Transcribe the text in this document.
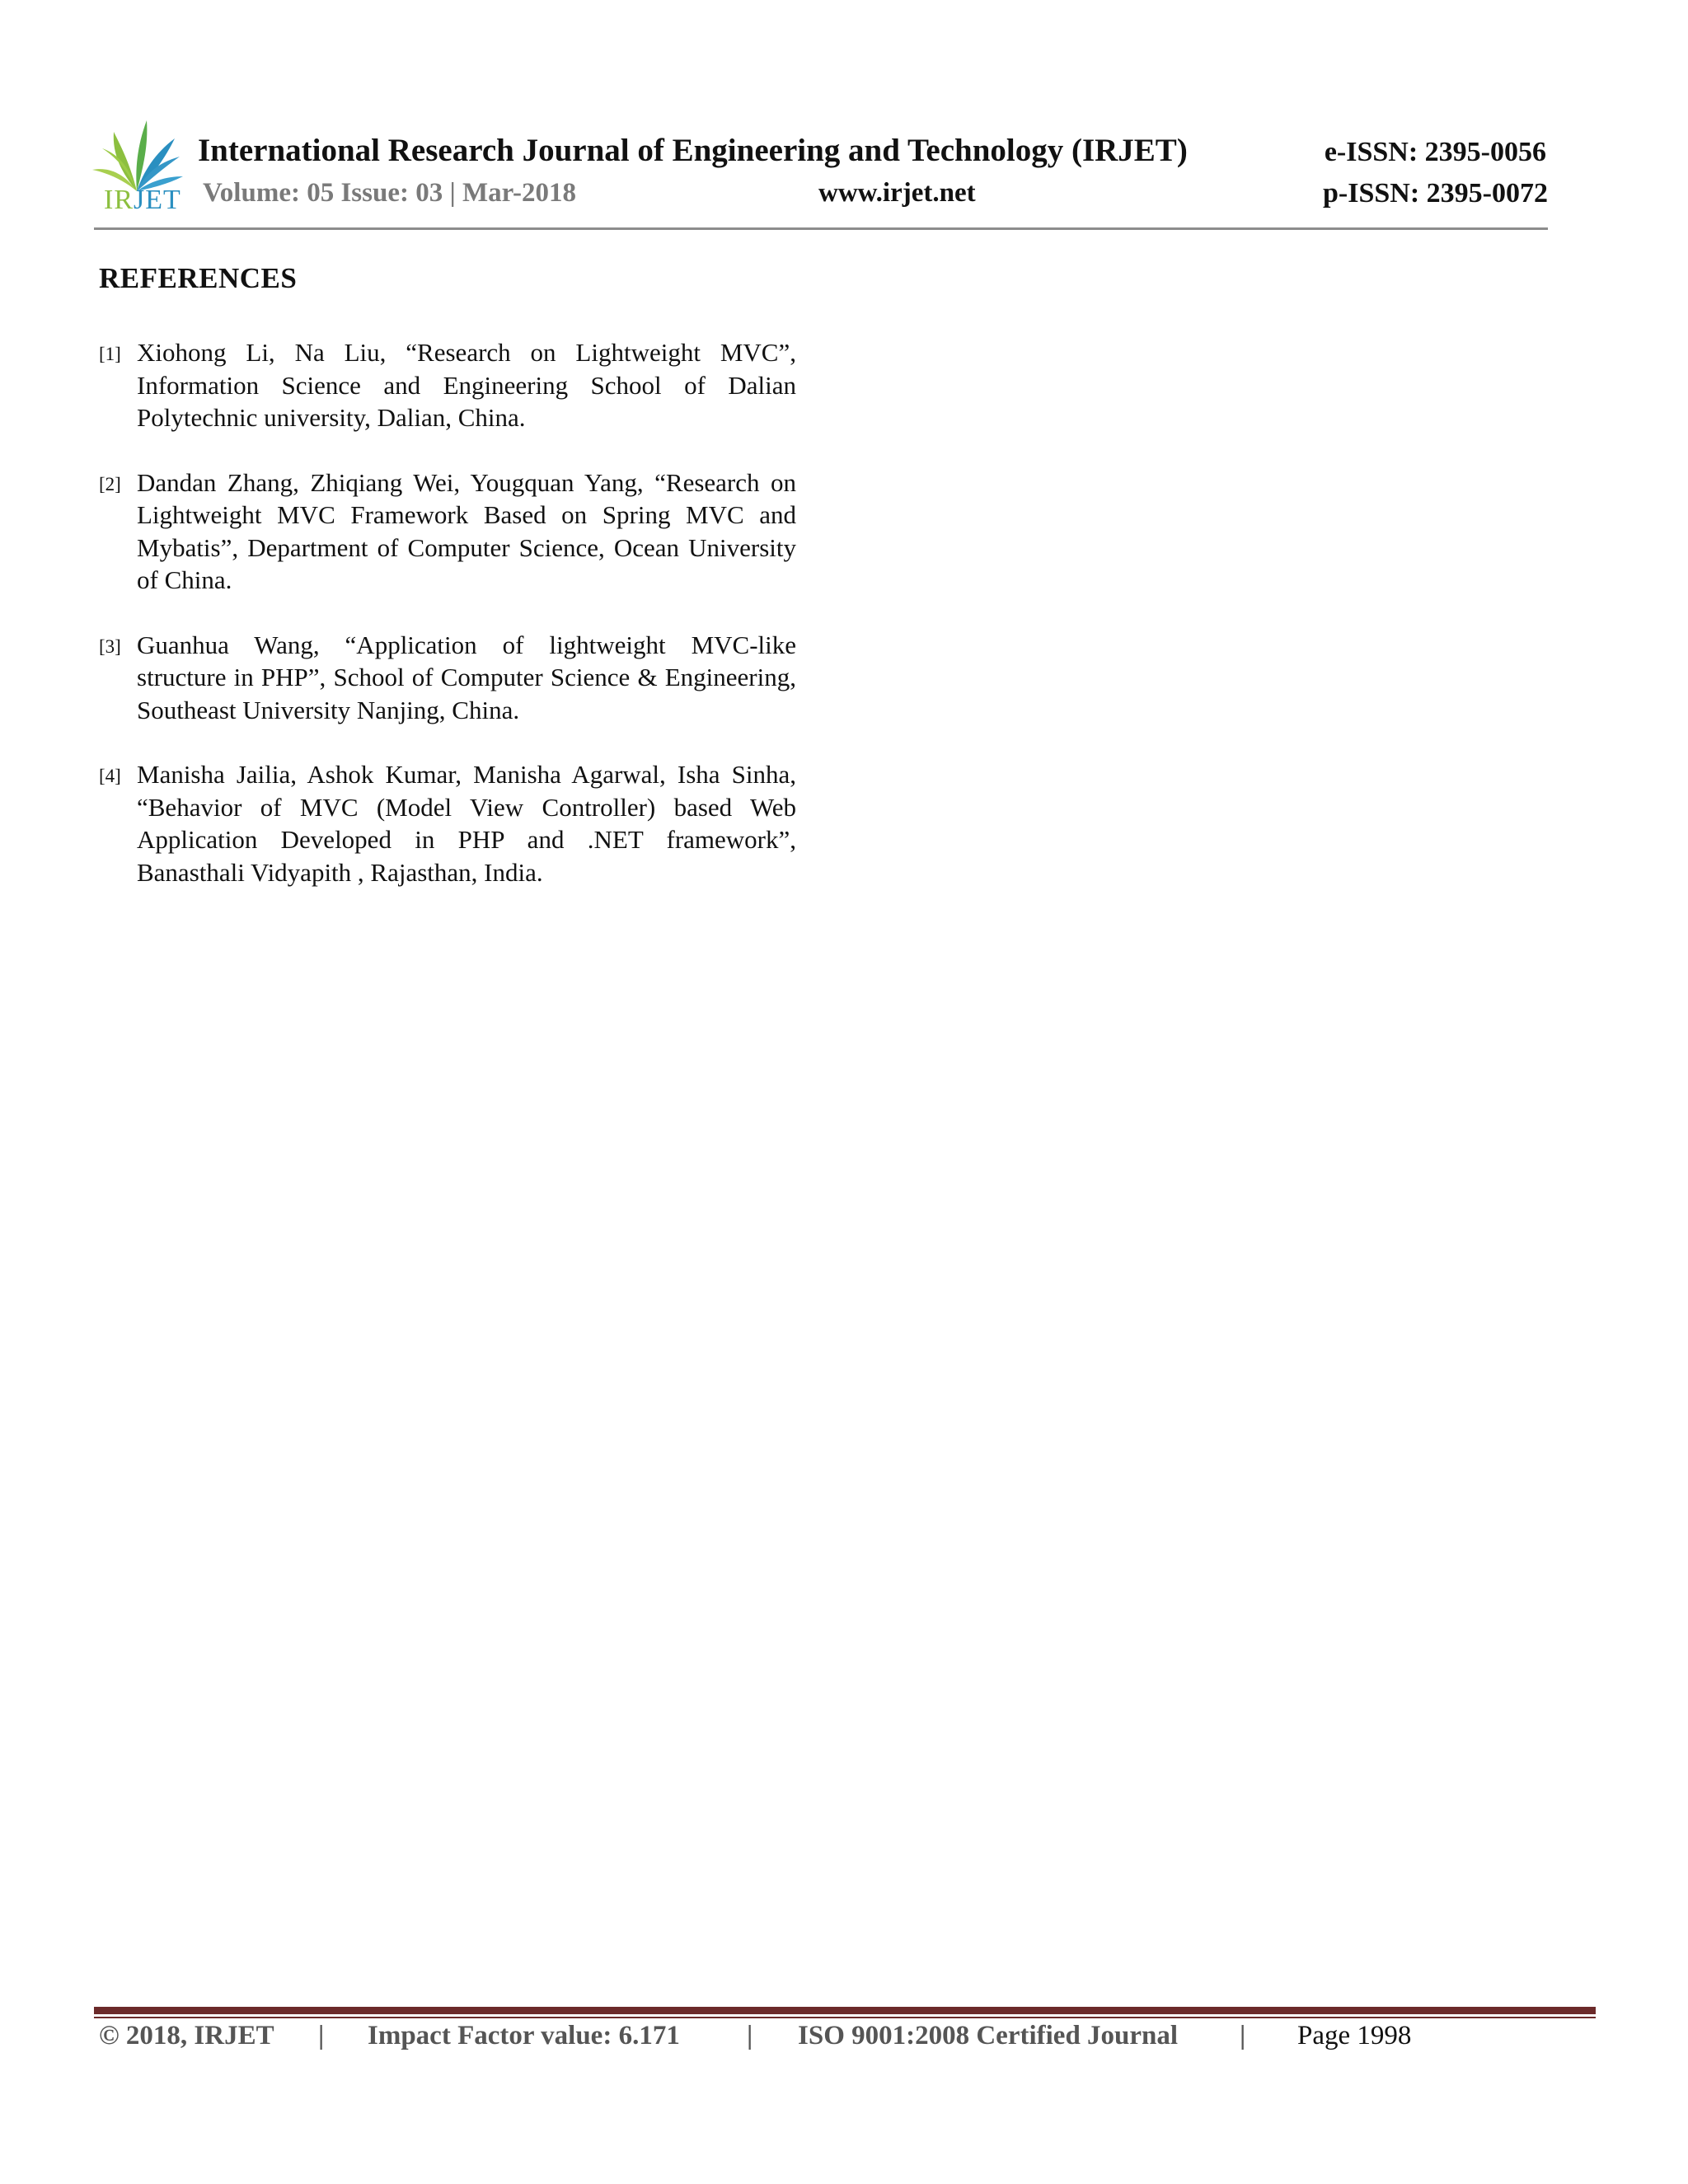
IRJET
International Research Journal of Engineering and Technology (IRJET)	e-ISSN: 2395-0056
Volume: 05 Issue: 03 | Mar-2018	www.irjet.net	p-ISSN: 2395-0072
REFERENCES
[1] Xiohong Li, Na Liu, “Research on Lightweight MVC”, Information Science and Engineering School of Dalian Polytechnic university, Dalian, China.
[2] Dandan Zhang, Zhiqiang Wei, Yougquan Yang, “Research on Lightweight MVC Framework Based on Spring MVC and Mybatis”, Department of Computer Science, Ocean University of China.
[3] Guanhua Wang, “Application of lightweight MVC-like structure in PHP”, School of Computer Science & Engineering, Southeast University Nanjing, China.
[4] Manisha Jailia, Ashok Kumar, Manisha Agarwal, Isha Sinha, “Behavior of MVC (Model View Controller) based Web Application Developed in PHP and .NET framework”, Banasthali Vidyapith , Rajasthan, India.
© 2018, IRJET | Impact Factor value: 6.171 | ISO 9001:2008 Certified Journal | Page 1998
